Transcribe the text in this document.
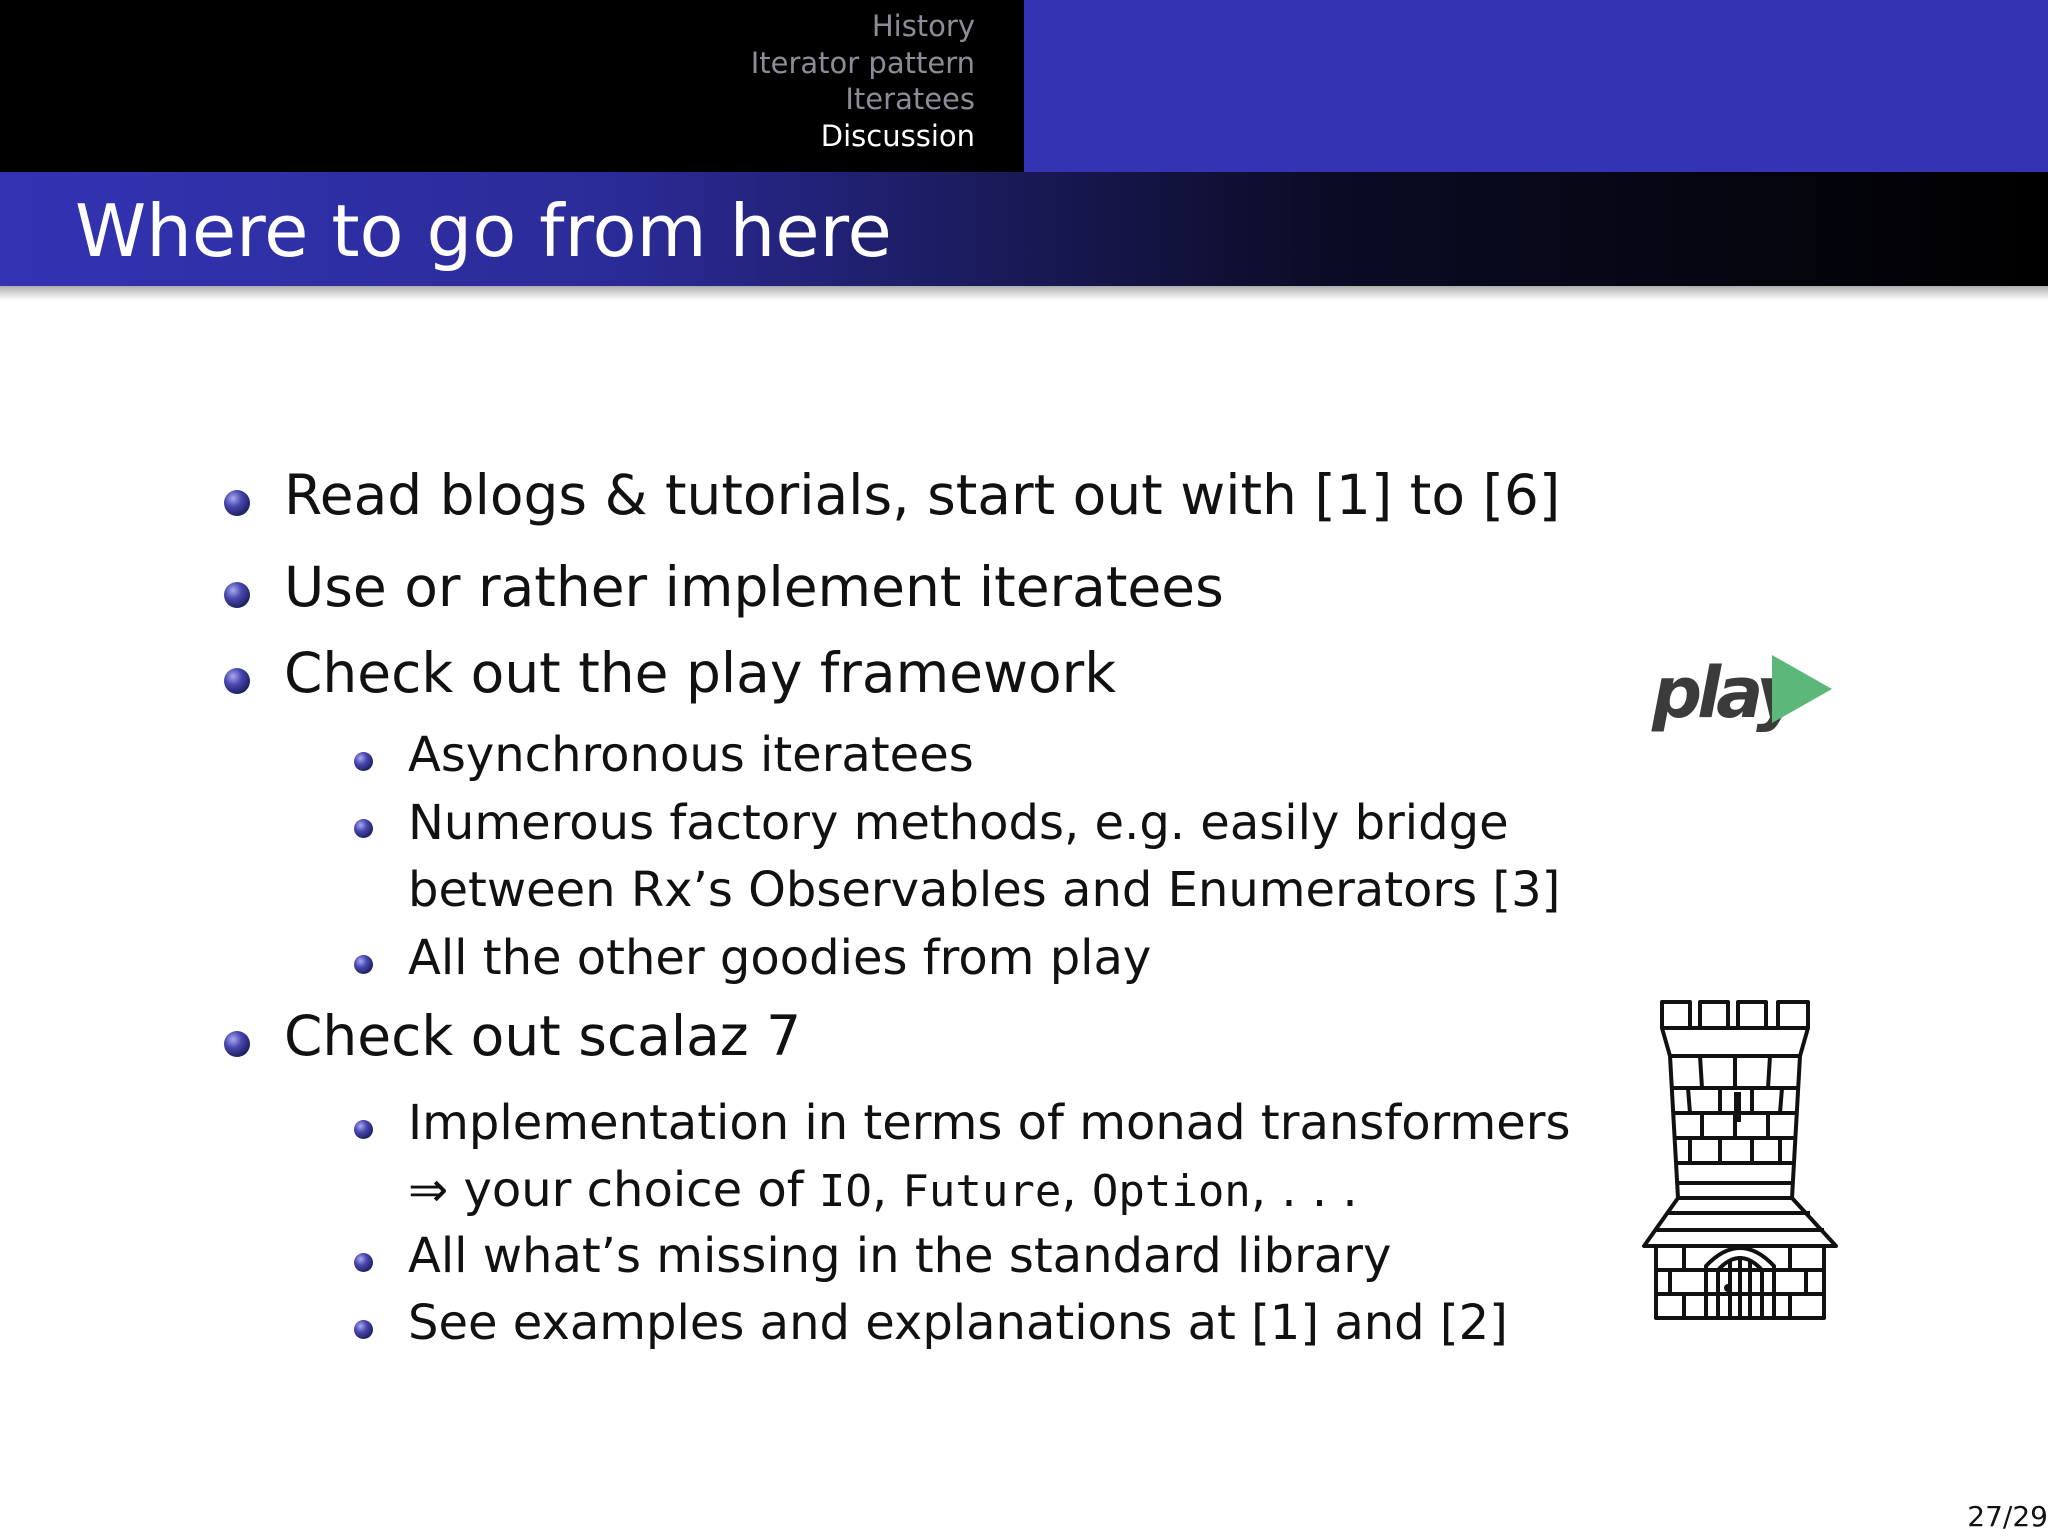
History
Iterator pattern
Iteratees
Discussion
Where to go from here
Read blogs & tutorials, start out with [1] to [6]
Use or rather implement iteratees
Check out the play framework
Asynchronous iteratees
Numerous factory methods, e.g. easily bridge
between Rx’s Observables and Enumerators [3]
All the other goodies from play
Check out scalaz 7
Implementation in terms of monad transformers
⇒ your choice of IO, Future, Option, . . .
All what’s missing in the standard library
See examples and explanations at [1] and [2]
play
27/29
